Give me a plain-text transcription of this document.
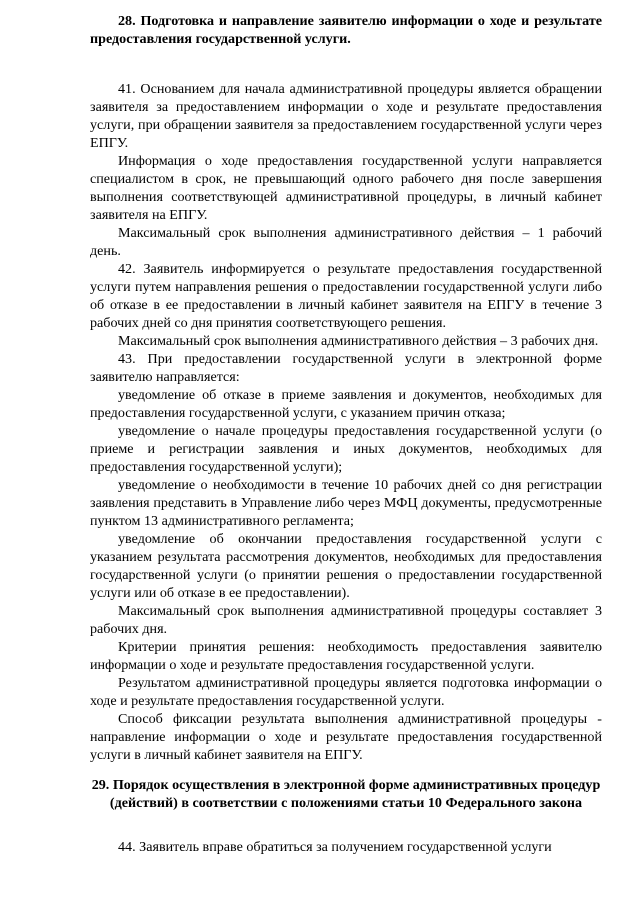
28. Подготовка и направление заявителю информации о ходе и результате предоставления государственной услуги.

41. Основанием для начала административной процедуры является обращении заявителя за предоставлением информации о ходе и результате предоставления услуги, при обращении заявителя за предоставлением государственной услуги через ЕПГУ.

Информация о ходе предоставления государственной услуги направляется специалистом в срок, не превышающий одного рабочего дня после завершения выполнения соответствующей административной процедуры, в личный кабинет заявителя на ЕПГУ.

Максимальный срок выполнения административного действия – 1 рабочий день.

42. Заявитель информируется о результате предоставления государственной услуги путем направления решения о предоставлении государственной услуги либо об отказе в ее предоставлении в личный кабинет заявителя на ЕПГУ в течение 3 рабочих дней со дня принятия соответствующего решения.

Максимальный срок выполнения административного действия – 3 рабочих дня.

43. При предоставлении государственной услуги в электронной форме заявителю направляется:

уведомление об отказе в приеме заявления и документов, необходимых для предоставления государственной услуги, с указанием причин отказа;

уведомление о начале процедуры предоставления государственной услуги (о приеме и регистрации заявления и иных документов, необходимых для предоставления государственной услуги);

уведомление о необходимости в течение 10 рабочих дней со дня регистрации заявления представить в Управление либо через МФЦ документы, предусмотренные пунктом 13 административного регламента;

уведомление об окончании предоставления государственной услуги с указанием результата рассмотрения документов, необходимых для предоставления государственной услуги (о принятии решения о предоставлении государственной услуги или об отказе в ее предоставлении).

Максимальный срок выполнения административной процедуры составляет 3 рабочих дня.

Критерии принятия решения: необходимость предоставления заявителю информации о ходе и результате предоставления государственной услуги.

Результатом административной процедуры является подготовка информации о ходе и результате предоставления государственной услуги.

Способ фиксации результата выполнения административной процедуры - направление информации о ходе и результате предоставления государственной услуги в личный кабинет заявителя на ЕПГУ.

29. Порядок осуществления в электронной форме административных процедур (действий) в соответствии с положениями статьи 10 Федерального закона

44. Заявитель вправе обратиться за получением государственной услуги
